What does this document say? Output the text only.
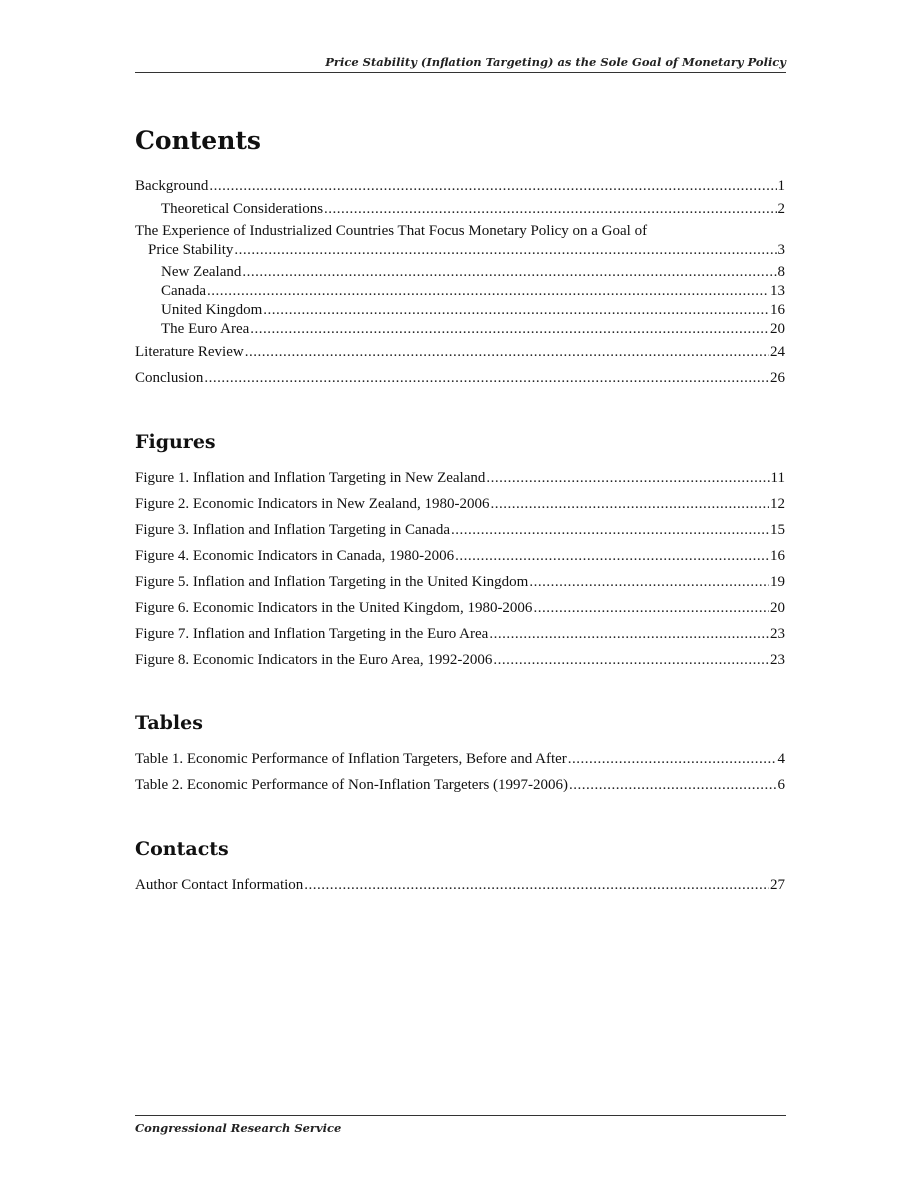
Price Stability (Inflation Targeting) as the Sole Goal of Monetary Policy
Contents
Background .....	1
Theoretical Considerations .....	2
The Experience of Industrialized Countries That Focus Monetary Policy on a Goal of
Price Stability .....	3
New Zealand .....	8
Canada .....	13
United Kingdom .....	16
The Euro Area .....	20
Literature Review .....	24
Conclusion .....	26
Figures
Figure 1. Inflation and Inflation Targeting in New Zealand .....	11
Figure 2. Economic Indicators in New Zealand, 1980-2006 .....	12
Figure 3. Inflation and Inflation Targeting in Canada .....	15
Figure 4. Economic Indicators in Canada, 1980-2006 .....	16
Figure 5. Inflation and Inflation Targeting in the United Kingdom .....	19
Figure 6. Economic Indicators in the United Kingdom, 1980-2006 .....	20
Figure 7. Inflation and Inflation Targeting in the Euro Area .....	23
Figure 8. Economic Indicators in the Euro Area, 1992-2006 .....	23
Tables
Table 1. Economic Performance of Inflation Targeters, Before and After .....	4
Table 2. Economic Performance of Non-Inflation Targeters (1997-2006) .....	6
Contacts
Author Contact Information .....	27
Congressional Research Service
